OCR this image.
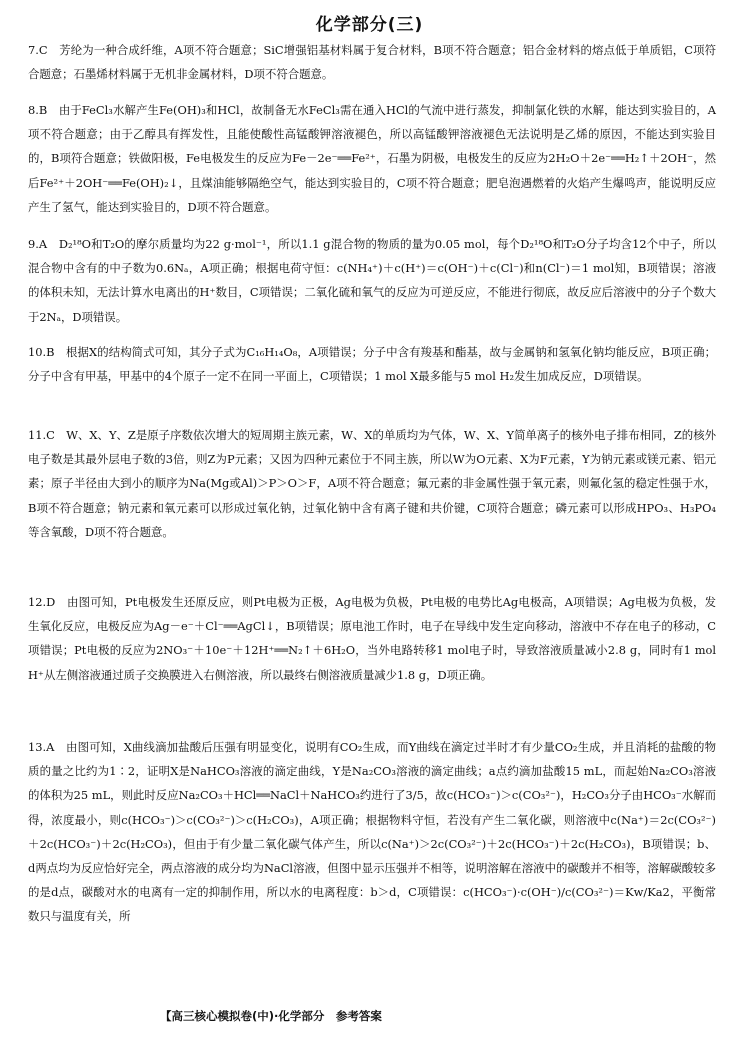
化学部分(三)

7.C　芳纶为一种合成纤维，A项不符合题意；SiC增强铝基材料属于复合材料，B项不符合题意；铝合金材料的熔点低于单质铝，C项符合题意；石墨烯材料属于无机非金属材料，D项不符合题意。

8.B　由于FeCl₃水解产生Fe(OH)₃和HCl，故制备无水FeCl₃需在通入HCl的气流中进行蒸发，抑制氯化铁的水解，能达到实验目的，A项不符合题意；由于乙醇具有挥发性，且能使酸性高锰酸钾溶液褪色，所以高锰酸钾溶液褪色无法说明是乙烯的原因，不能达到实验目的，B项符合题意；铁做阳极，Fe电极发生的反应为Fe－2e⁻══Fe²⁺，石墨为阴极，电极发生的反应为2H₂O＋2e⁻══H₂↑＋2OH⁻，然后Fe²⁺＋2OH⁻══Fe(OH)₂↓，且煤油能够隔绝空气，能达到实验目的，C项不符合题意；肥皂泡遇燃着的火焰产生爆鸣声，能说明反应产生了氢气，能达到实验目的，D项不符合题意。

9.A　D₂¹⁸O和T₂O的摩尔质量均为22 g·mol⁻¹，所以1.1 g混合物的物质的量为0.05 mol，每个D₂¹⁸O和T₂O分子均含12个中子，所以混合物中含有的中子数为0.6Nₐ，A项正确；根据电荷守恒：c(NH₄⁺)＋c(H⁺)＝c(OH⁻)＋c(Cl⁻)和n(Cl⁻)＝1 mol知，B项错误；溶液的体积未知，无法计算水电离出的H⁺数目，C项错误；二氧化硫和氧气的反应为可逆反应，不能进行彻底，故反应后溶液中的分子个数大于2Nₐ，D项错误。

10.B　根据X的结构简式可知，其分子式为C₁₆H₁₄O₈，A项错误；分子中含有羧基和酯基，故与金属钠和氢氧化钠均能反应，B项正确；分子中含有甲基，甲基中的4个原子一定不在同一平面上，C项错误；1 mol X最多能与5 mol H₂发生加成反应，D项错误。

11.C　W、X、Y、Z是原子序数依次增大的短周期主族元素，W、X的单质均为气体，W、X、Y简单离子的核外电子排布相同，Z的核外电子数是其最外层电子数的3倍，则Z为P元素；又因为四种元素位于不同主族，所以W为O元素、X为F元素，Y为钠元素或镁元素、铝元素；原子半径由大到小的顺序为Na(Mg或Al)＞P＞O＞F，A项不符合题意；氟元素的非金属性强于氧元素，则氟化氢的稳定性强于水，B项不符合题意；钠元素和氧元素可以形成过氧化钠，过氧化钠中含有离子键和共价键，C项符合题意；磷元素可以形成HPO₃、H₃PO₄等含氧酸，D项不符合题意。

12.D　由图可知，Pt电极发生还原反应，则Pt电极为正极，Ag电极为负极，Pt电极的电势比Ag电极高，A项错误；Ag电极为负极，发生氧化反应，电极反应为Ag－e⁻＋Cl⁻══AgCl↓，B项错误；原电池工作时，电子在导线中发生定向移动，溶液中不存在电子的移动，C项错误；Pt电极的反应为2NO₃⁻＋10e⁻＋12H⁺══N₂↑＋6H₂O，当外电路转移1 mol电子时，导致溶液质量减小2.8 g，同时有1 mol H⁺从左侧溶液通过质子交换膜进入右侧溶液，所以最终右侧溶液质量减少1.8 g，D项正确。

13.A　由图可知，X曲线滴加盐酸后压强有明显变化，说明有CO₂生成，而Y曲线在滴定过半时才有少量CO₂生成，并且消耗的盐酸的物质的量之比约为1∶2，证明X是NaHCO₃溶液的滴定曲线，Y是Na₂CO₃溶液的滴定曲线；a点约滴加盐酸15 mL，而起始Na₂CO₃溶液的体积为25 mL，则此时反应Na₂CO₃＋HCl══NaCl＋NaHCO₃约进行了3/5，故c(HCO₃⁻)＞c(CO₃²⁻)，H₂CO₃分子由HCO₃⁻水解而得，浓度最小，则c(HCO₃⁻)＞c(CO₃²⁻)＞c(H₂CO₃)，A项正确；根据物料守恒，若没有产生二氧化碳，则溶液中c(Na⁺)＝2c(CO₃²⁻)＋2c(HCO₃⁻)＋2c(H₂CO₃)，但由于有少量二氧化碳气体产生，所以c(Na⁺)＞2c(CO₃²⁻)＋2c(HCO₃⁻)＋2c(H₂CO₃)，B项错误；b、d两点均为反应恰好完全，两点溶液的成分均为NaCl溶液，但图中显示压强并不相等，说明溶解在溶液中的碳酸并不相等，溶解碳酸较多的是d点，碳酸对水的电离有一定的抑制作用，所以水的电离程度：b＞d，C项错误：c(HCO₃⁻)·c(OH⁻)/c(CO₃²⁻)＝Kw/Ka2，平衡常数只与温度有关，所

【高三核心模拟卷(中)·化学部分　参考答案
